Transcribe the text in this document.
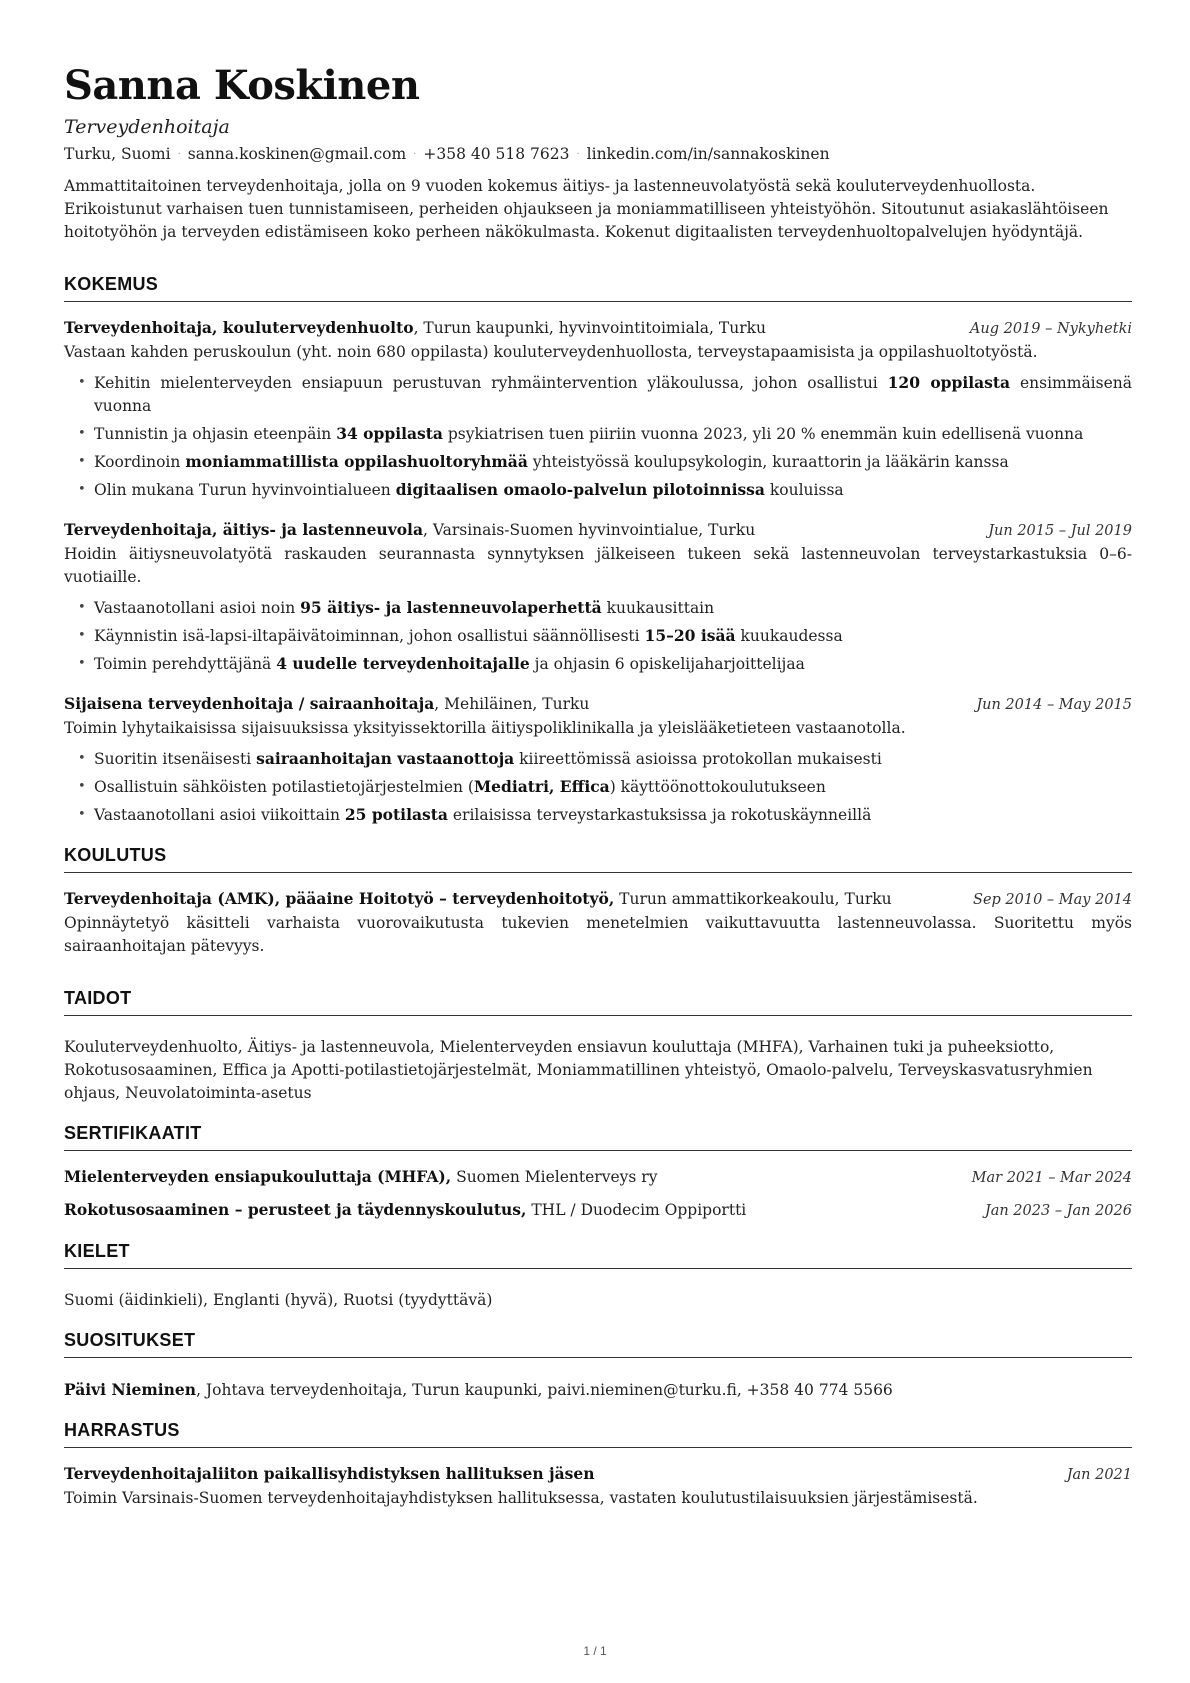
Sanna Koskinen
Terveydenhoitaja
Turku, Suomi · sanna.koskinen@gmail.com · +358 40 518 7623 · linkedin.com/in/sannakoskinen
Ammattitaitoinen terveydenhoitaja, jolla on 9 vuoden kokemus äitiys- ja lastenneuvolatyöstä sekä kouluterveydenhuollosta. Erikoistunut varhaisen tuen tunnistamiseen, perheiden ohjaukseen ja moniammatilliseen yhteistyöhön. Sitoutunut asiakaslähtöiseen hoitotyöhön ja terveyden edistämiseen koko perheen näkökulmasta. Kokenut digitaalisten terveydenhuoltopalvelujen hyödyntäjä.
KOKEMUS
Terveydenhoitaja, kouluterveydenhuolto, Turun kaupunki, hyvinvointitoimiala, Turku	Aug 2019 – Nykyhetki
Vastaan kahden peruskoulun (yht. noin 680 oppilasta) kouluterveydenhuollosta, terveystapaamisista ja oppilashuoltotyöstä.
• Kehitin mielenterveyden ensiapuun perustuvan ryhmäintervention yläkoulussa, johon osallistui 120 oppilasta ensimmäisenä vuonna
• Tunnistin ja ohjasin eteenpäin 34 oppilasta psykiatrisen tuen piiriin vuonna 2023, yli 20 % enemmän kuin edellisenä vuonna
• Koordinoin moniammatillista oppilashuoltoryhmää yhteistyössä koulupsykologin, kuraattorin ja lääkärin kanssa
• Olin mukana Turun hyvinvointialueen digitaalisen omaolo-palvelun pilotoinnissa kouluissa
Terveydenhoitaja, äitiys- ja lastenneuvola, Varsinais-Suomen hyvinvointialue, Turku	Jun 2015 – Jul 2019
Hoidin äitiysneuvolatyötä raskauden seurannasta synnytyksen jälkeiseen tukeen sekä lastenneuvolan terveystarkastuksia 0–6-vuotiaille.
• Vastaanotollani asioi noin 95 äitiys- ja lastenneuvolaperhettä kuukausittain
• Käynnistin isä-lapsi-iltapäivätoiminnan, johon osallistui säännöllisesti 15–20 isää kuukaudessa
• Toimin perehdyttäjänä 4 uudelle terveydenhoitajalle ja ohjasin 6 opiskelijaharjoittelijaa
Sijaisena terveydenhoitaja / sairaanhoitaja, Mehiläinen, Turku	Jun 2014 – May 2015
Toimin lyhytaikaisissa sijaisuuksissa yksityissektorilla äitiyspoliklinikalla ja yleislääketieteen vastaanotolla.
• Suoritin itsenäisesti sairaanhoitajan vastaanottoja kiireettömissä asioissa protokollan mukaisesti
• Osallistuin sähköisten potilastietojärjestelmien (Mediatri, Effica) käyttöönottokoulutukseen
• Vastaanotollani asioi viikoittain 25 potilasta erilaisissa terveystarkastuksissa ja rokotuskäynneillä
KOULUTUS
Terveydenhoitaja (AMK), pääaine Hoitotyö – terveydenhoitotyö, Turun ammattikorkeakoulu, Turku	Sep 2010 – May 2014
Opinnäytetyö käsitteli varhaista vuorovaikutusta tukevien menetelmien vaikuttavuutta lastenneuvolassa. Suoritettu myös sairaanhoitajan pätevyys.
TAIDOT
Kouluterveydenhuolto, Äitiys- ja lastenneuvola, Mielenterveyden ensiavun kouluttaja (MHFA), Varhainen tuki ja puheeksiotto, Rokotusosaaminen, Effica ja Apotti-potilastietojärjestelmät, Moniammatillinen yhteistyö, Omaolo-palvelu, Terveyskasvatusryhmien ohjaus, Neuvolatoiminta-asetus
SERTIFIKAATIT
Mielenterveyden ensiapukouluttaja (MHFA), Suomen Mielenterveys ry	Mar 2021 – Mar 2024
Rokotusosaaminen – perusteet ja täydennyskoulutus, THL / Duodecim Oppiportti	Jan 2023 – Jan 2026
KIELET
Suomi (äidinkieli), Englanti (hyvä), Ruotsi (tyydyttävä)
SUOSITUKSET
Päivi Nieminen, Johtava terveydenhoitaja, Turun kaupunki, paivi.nieminen@turku.fi, +358 40 774 5566
HARRASTUS
Terveydenhoitajaliiton paikallisyhdistyksen hallituksen jäsen	Jan 2021
Toimin Varsinais-Suomen terveydenhoitajayhdistyksen hallituksessa, vastaten koulutustilaisuuksien järjestämisestä.
1 / 1
